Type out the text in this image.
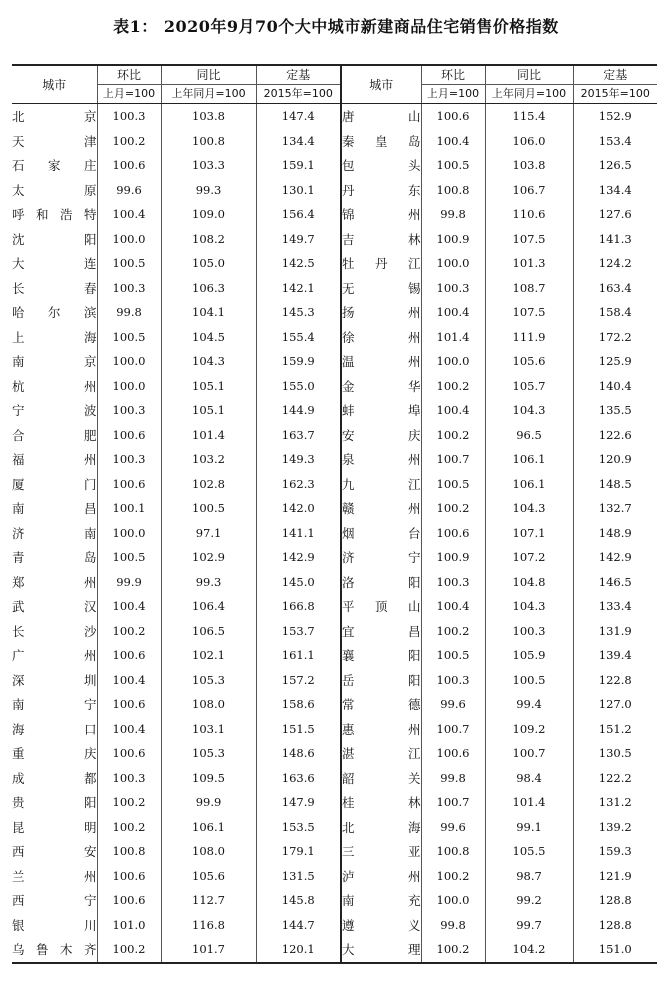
表1： 2020年9月70个大中城市新建商品住宅销售价格指数
城市	环比	同比	定基	城市	环比	同比	定基
	上月=100	上年同月=100	2015年=100		上月=100	上年同月=100	2015年=100
北京	100.3	103.8	147.4	唐山	100.6	115.4	152.9
天津	100.2	100.8	134.4	秦皇岛	100.4	106.0	153.4
石家庄	100.6	103.3	159.1	包头	100.5	103.8	126.5
太原	99.6	99.3	130.1	丹东	100.8	106.7	134.4
呼和浩特	100.4	109.0	156.4	锦州	99.8	110.6	127.6
沈阳	100.0	108.2	149.7	吉林	100.9	107.5	141.3
大连	100.5	105.0	142.5	牡丹江	100.0	101.3	124.2
长春	100.3	106.3	142.1	无锡	100.3	108.7	163.4
哈尔滨	99.8	104.1	145.3	扬州	100.4	107.5	158.4
上海	100.5	104.5	155.4	徐州	101.4	111.9	172.2
南京	100.0	104.3	159.9	温州	100.0	105.6	125.9
杭州	100.0	105.1	155.0	金华	100.2	105.7	140.4
宁波	100.3	105.1	144.9	蚌埠	100.4	104.3	135.5
合肥	100.6	101.4	163.7	安庆	100.2	96.5	122.6
福州	100.3	103.2	149.3	泉州	100.7	106.1	120.9
厦门	100.6	102.8	162.3	九江	100.5	106.1	148.5
南昌	100.1	100.5	142.0	赣州	100.2	104.3	132.7
济南	100.0	97.1	141.1	烟台	100.6	107.1	148.9
青岛	100.5	102.9	142.9	济宁	100.9	107.2	142.9
郑州	99.9	99.3	145.0	洛阳	100.3	104.8	146.5
武汉	100.4	106.4	166.8	平顶山	100.4	104.3	133.4
长沙	100.2	106.5	153.7	宜昌	100.2	100.3	131.9
广州	100.6	102.1	161.1	襄阳	100.5	105.9	139.4
深圳	100.4	105.3	157.2	岳阳	100.3	100.5	122.8
南宁	100.6	108.0	158.6	常德	99.6	99.4	127.0
海口	100.4	103.1	151.5	惠州	100.7	109.2	151.2
重庆	100.6	105.3	148.6	湛江	100.6	100.7	130.5
成都	100.3	109.5	163.6	韶关	99.8	98.4	122.2
贵阳	100.2	99.9	147.9	桂林	100.7	101.4	131.2
昆明	100.2	106.1	153.5	北海	99.6	99.1	139.2
西安	100.8	108.0	179.1	三亚	100.8	105.5	159.3
兰州	100.6	105.6	131.5	泸州	100.2	98.7	121.9
西宁	100.6	112.7	145.8	南充	100.0	99.2	128.8
银川	101.0	116.8	144.7	遵义	99.8	99.7	128.8
乌鲁木齐	100.2	101.7	120.1	大理	100.2	104.2	151.0
